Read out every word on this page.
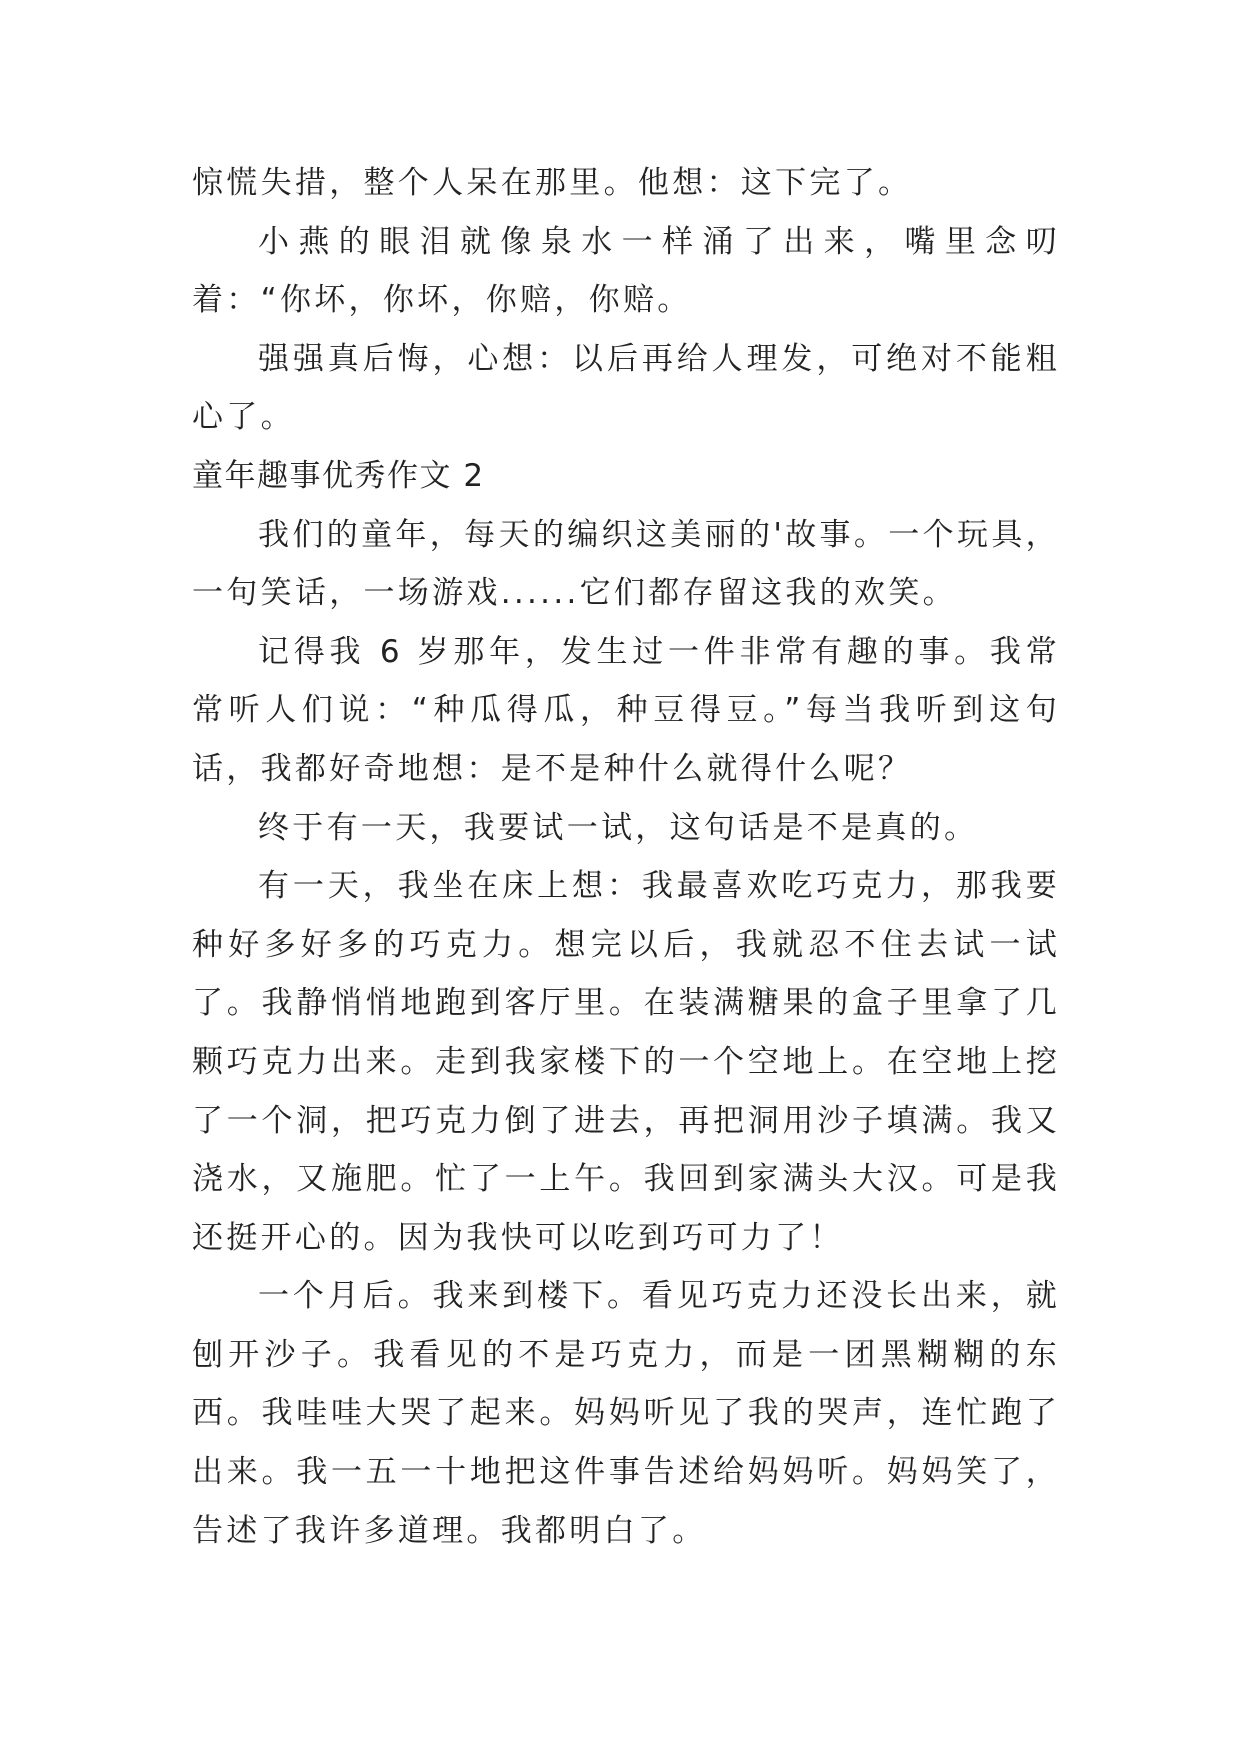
惊慌失措，整个人呆在那里。他想：这下完了。

小燕的眼泪就像泉水一样涌了出来，嘴里念叨着：“你坏，你坏，你赔，你赔。

强强真后悔，心想：以后再给人理发，可绝对不能粗心了。

童年趣事优秀作文 2

我们的童年，每天的编织这美丽的'故事。一个玩具，一句笑话，一场游戏......它们都存留这我的欢笑。

记得我 6 岁那年，发生过一件非常有趣的事。我常常听人们说：“种瓜得瓜，种豆得豆。”每当我听到这句话，我都好奇地想：是不是种什么就得什么呢？

终于有一天，我要试一试，这句话是不是真的。

有一天，我坐在床上想：我最喜欢吃巧克力，那我要种好多好多的巧克力。想完以后，我就忍不住去试一试了。我静悄悄地跑到客厅里。在装满糖果的盒子里拿了几颗巧克力出来。走到我家楼下的一个空地上。在空地上挖了一个洞，把巧克力倒了进去，再把洞用沙子填满。我又浇水，又施肥。忙了一上午。我回到家满头大汉。可是我还挺开心的。因为我快可以吃到巧可力了！

一个月后。我来到楼下。看见巧克力还没长出来，就刨开沙子。我看见的不是巧克力，而是一团黑糊糊的东西。我哇哇大哭了起来。妈妈听见了我的哭声，连忙跑了出来。我一五一十地把这件事告述给妈妈听。妈妈笑了，告述了我许多道理。我都明白了。
